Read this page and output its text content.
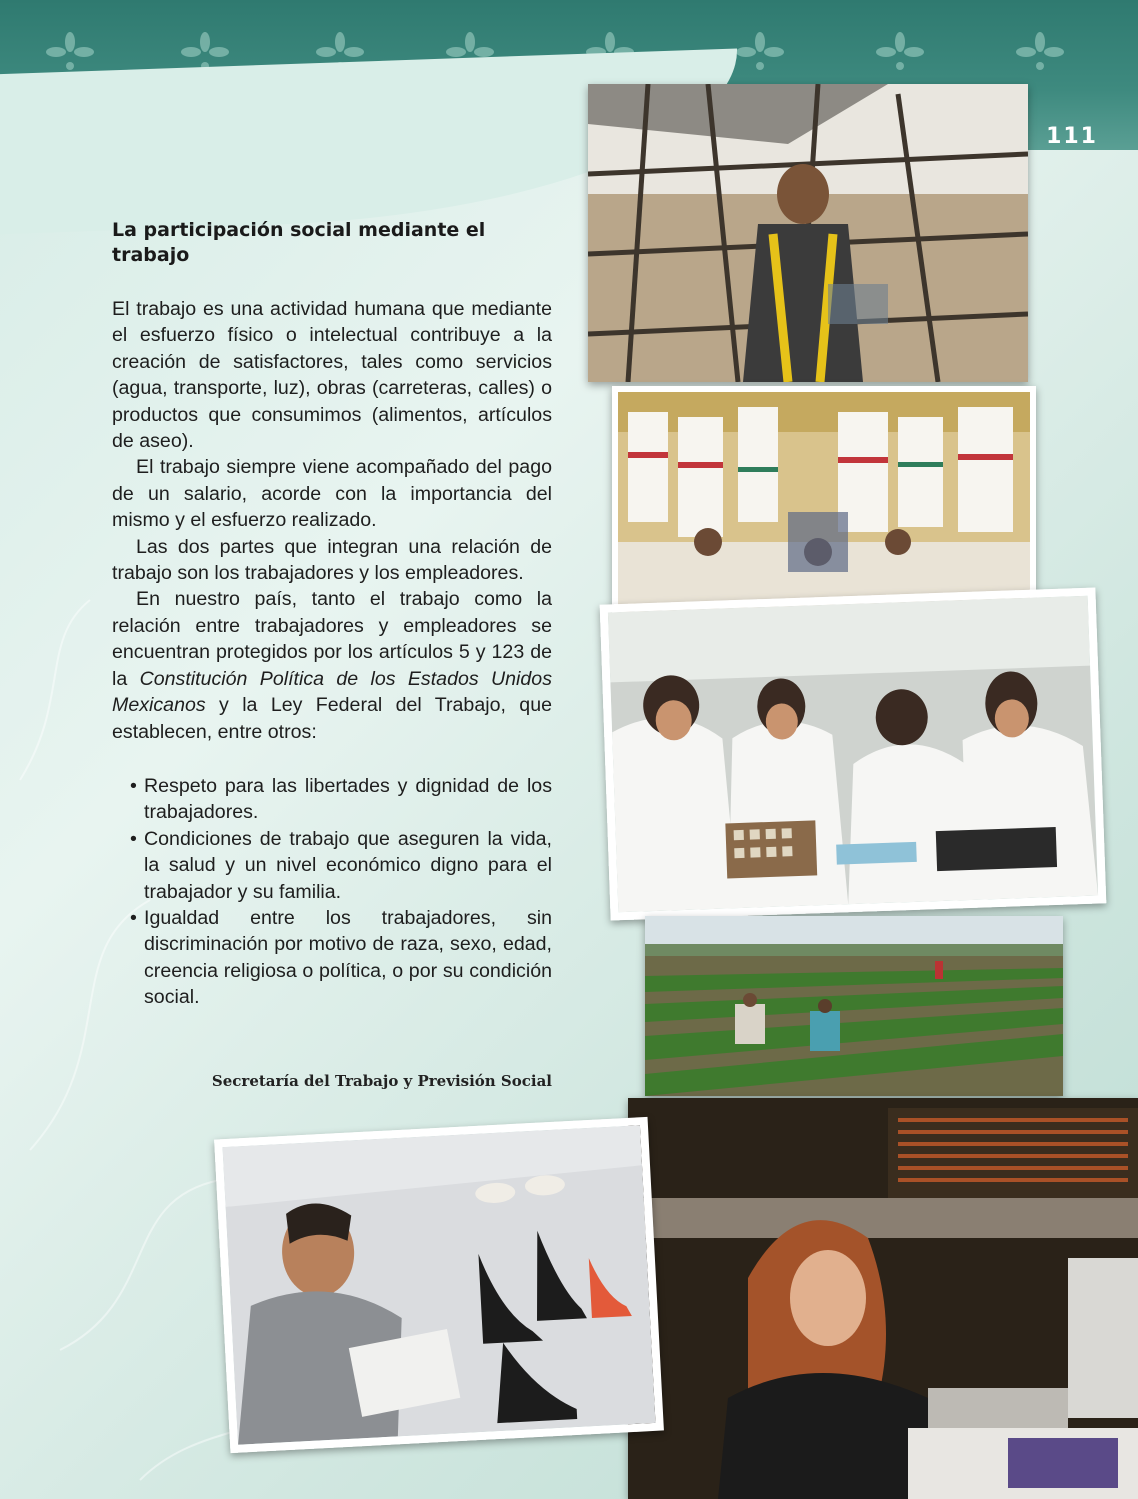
111
La participación social mediante el trabajo

El trabajo es una actividad humana que mediante el esfuerzo físico o intelectual contribuye a la creación de satisfactores, tales como servicios (agua, transporte, luz), obras (carreteras, calles) o productos que consumimos (alimentos, artículos de aseo).

El trabajo siempre viene acompañado del pago de un salario, acorde con la importancia del mismo y el esfuerzo realizado.

Las dos partes que integran una relación de trabajo son los trabajadores y los empleadores.

En nuestro país, tanto el trabajo como la relación entre trabajadores y empleadores se encuentran protegidos por los artículos 5 y 123 de la Constitución Política de los Estados Unidos Mexicanos y la Ley Federal del Trabajo, que establecen, entre otros:

• Respeto para las libertades y dignidad de los trabajadores.
• Condiciones de trabajo que aseguren la vida, la salud y un nivel económico digno para el trabajador y su familia.
• Igualdad entre los trabajadores, sin discriminación por motivo de raza, sexo, edad, creencia religiosa o política, o por su condición social.
Secretaría del Trabajo y Previsión Social
